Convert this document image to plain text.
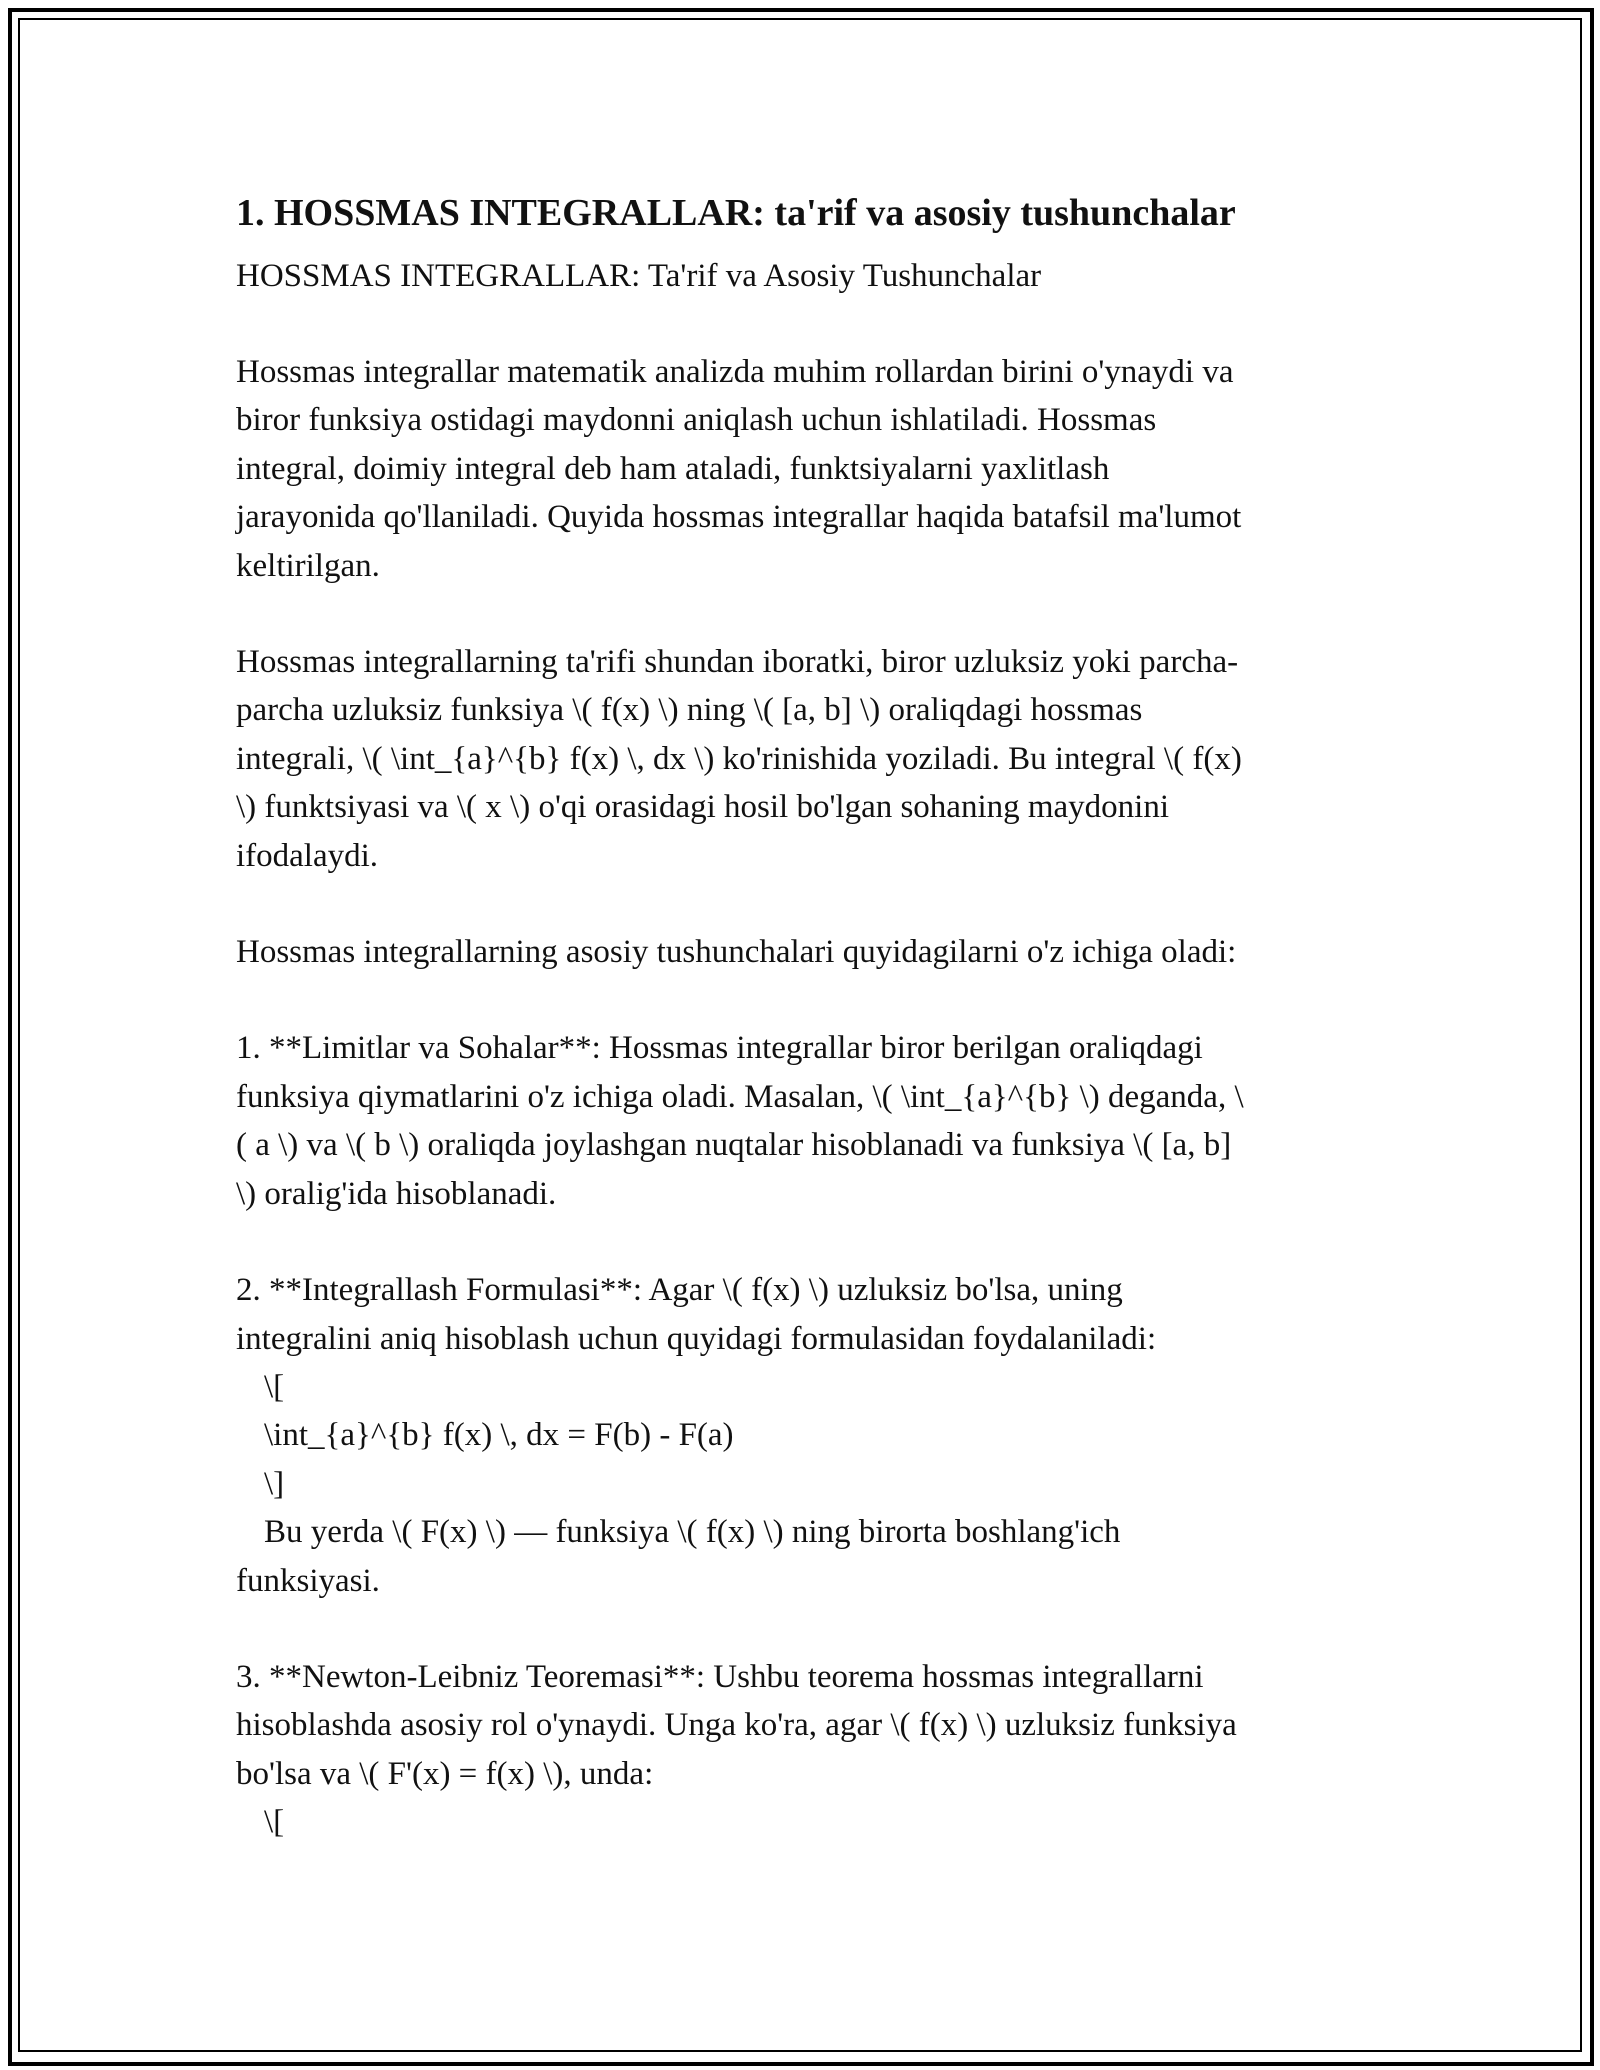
1. HOSSMAS INTEGRALLAR: ta'rif va asosiy tushunchalar

HOSSMAS INTEGRALLAR: Ta'rif va Asosiy Tushunchalar

Hossmas integrallar matematik analizda muhim rollardan birini o'ynaydi va
biror funksiya ostidagi maydonni aniqlash uchun ishlatiladi. Hossmas
integral, doimiy integral deb ham ataladi, funktsiyalarni yaxlitlash
jarayonida qo'llaniladi. Quyida hossmas integrallar haqida batafsil ma'lumot
keltirilgan.

Hossmas integrallarning ta'rifi shundan iboratki, biror uzluksiz yoki parcha-
parcha uzluksiz funksiya \( f(x) \) ning \( [a, b] \) oraliqdagi hossmas
integrali, \( \int_{a}^{b} f(x) \, dx \) ko'rinishida yoziladi. Bu integral \( f(x)
\) funktsiyasi va \( x \) o'qi orasidagi hosil bo'lgan sohaning maydonini
ifodalaydi.

Hossmas integrallarning asosiy tushunchalari quyidagilarni o'z ichiga oladi:

1. **Limitlar va Sohalar**: Hossmas integrallar biror berilgan oraliqdagi
funksiya qiymatlarini o'z ichiga oladi. Masalan, \( \int_{a}^{b} \) deganda, \
( a \) va \( b \) oraliqda joylashgan nuqtalar hisoblanadi va funksiya \( [a, b]
\) oralig'ida hisoblanadi.

2. **Integrallash Formulasi**: Agar \( f(x) \) uzluksiz bo'lsa, uning
integralini aniq hisoblash uchun quyidagi formulasidan foydalaniladi:
\[
\int_{a}^{b} f(x) \, dx = F(b) - F(a)
\]
Bu yerda \( F(x) \) — funksiya \( f(x) \) ning birorta boshlang'ich
funksiyasi.

3. **Newton-Leibniz Teoremasi**: Ushbu teorema hossmas integrallarni
hisoblashda asosiy rol o'ynaydi. Unga ko'ra, agar \( f(x) \) uzluksiz funksiya
bo'lsa va \( F'(x) = f(x) \), unda:
\[
